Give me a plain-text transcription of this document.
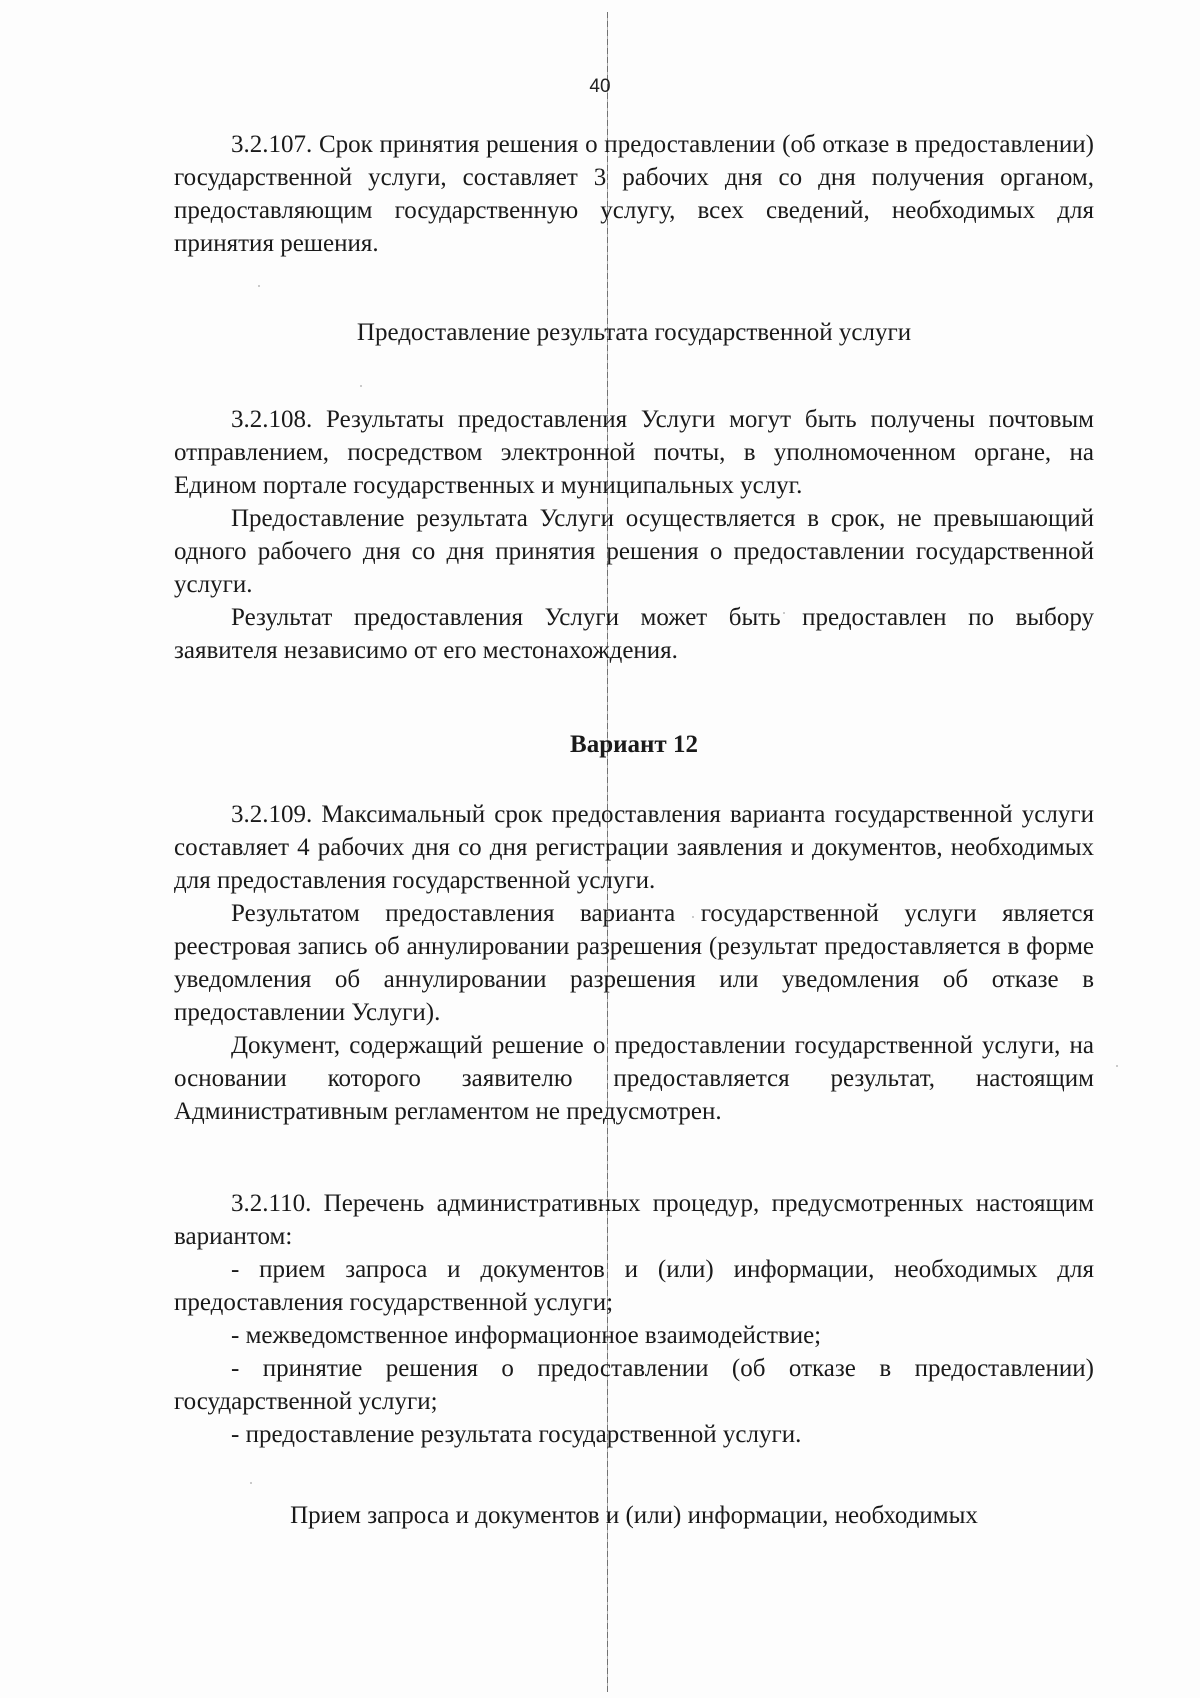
40

3.2.107. Срок принятия решения о предоставлении (об отказе в предоставлении) государственной услуги, составляет 3 рабочих дня со дня получения органом, предоставляющим государственную услугу, всех сведений, необходимых для принятия решения.

Предоставление результата государственной услуги

3.2.108. Результаты предоставления Услуги могут быть получены почтовым отправлением, посредством электронной почты, в уполномоченном органе, на Едином портале государственных и муниципальных услуг.

Предоставление результата Услуги осуществляется в срок, не превышающий одного рабочего дня со дня принятия решения о предоставлении государственной услуги.

Результат предоставления Услуги может быть предоставлен по выбору заявителя независимо от его местонахождения.

Вариант 12

3.2.109. Максимальный срок предоставления варианта государственной услуги составляет 4 рабочих дня со дня регистрации заявления и документов, необходимых для предоставления государственной услуги.

Результатом предоставления варианта государственной услуги является реестровая запись об аннулировании разрешения (результат предоставляется в форме уведомления об аннулировании разрешения или уведомления об отказе в предоставлении Услуги).

Документ, содержащий решение о предоставлении государственной услуги, на основании которого заявителю предоставляется результат, настоящим Административным регламентом не предусмотрен.

3.2.110. Перечень административных процедур, предусмотренных настоящим вариантом:

- прием запроса и документов и (или) информации, необходимых для предоставления государственной услуги;

- межведомственное информационное взаимодействие;

- принятие решения о предоставлении (об отказе в предоставлении) государственной услуги;

- предоставление результата государственной услуги.

Прием запроса и документов и (или) информации, необходимых
